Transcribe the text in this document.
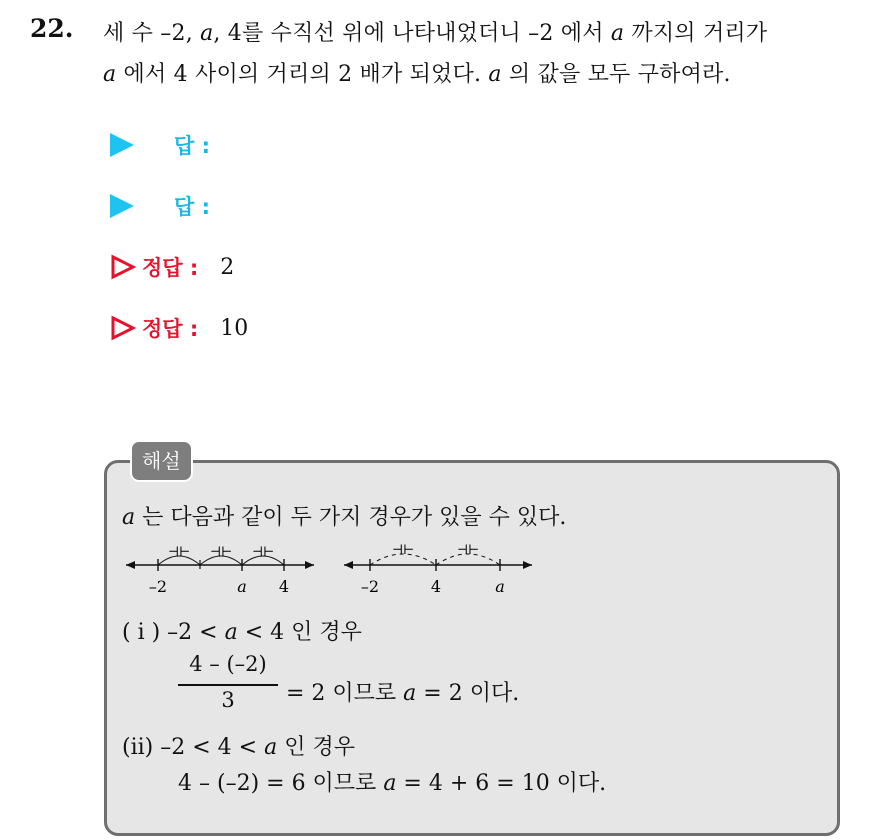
22. 세 수 –2, a, 4를 수직선 위에 나타내었더니 –2 에서 a 까지의 거리가
a 에서 4 사이의 거리의 2 배가 되었다. a 의 값을 모두 구하여라.
답 :
답 :
정답 : 2
정답 : 10
해설
a 는 다음과 같이 두 가지 경우가 있을 수 있다.
⊣⊢ ⊣⊢ ⊣⊢
–2	a 4
⊣⊢	⊣⊢
–2	4	a
( i ) –2 < a < 4 인 경우
4 – (–2)
3	= 2 이므로 a = 2 이다.
(ii) –2 < 4 < a 인 경우
4 – (–2) = 6 이므로 a = 4 + 6 = 10 이다.
